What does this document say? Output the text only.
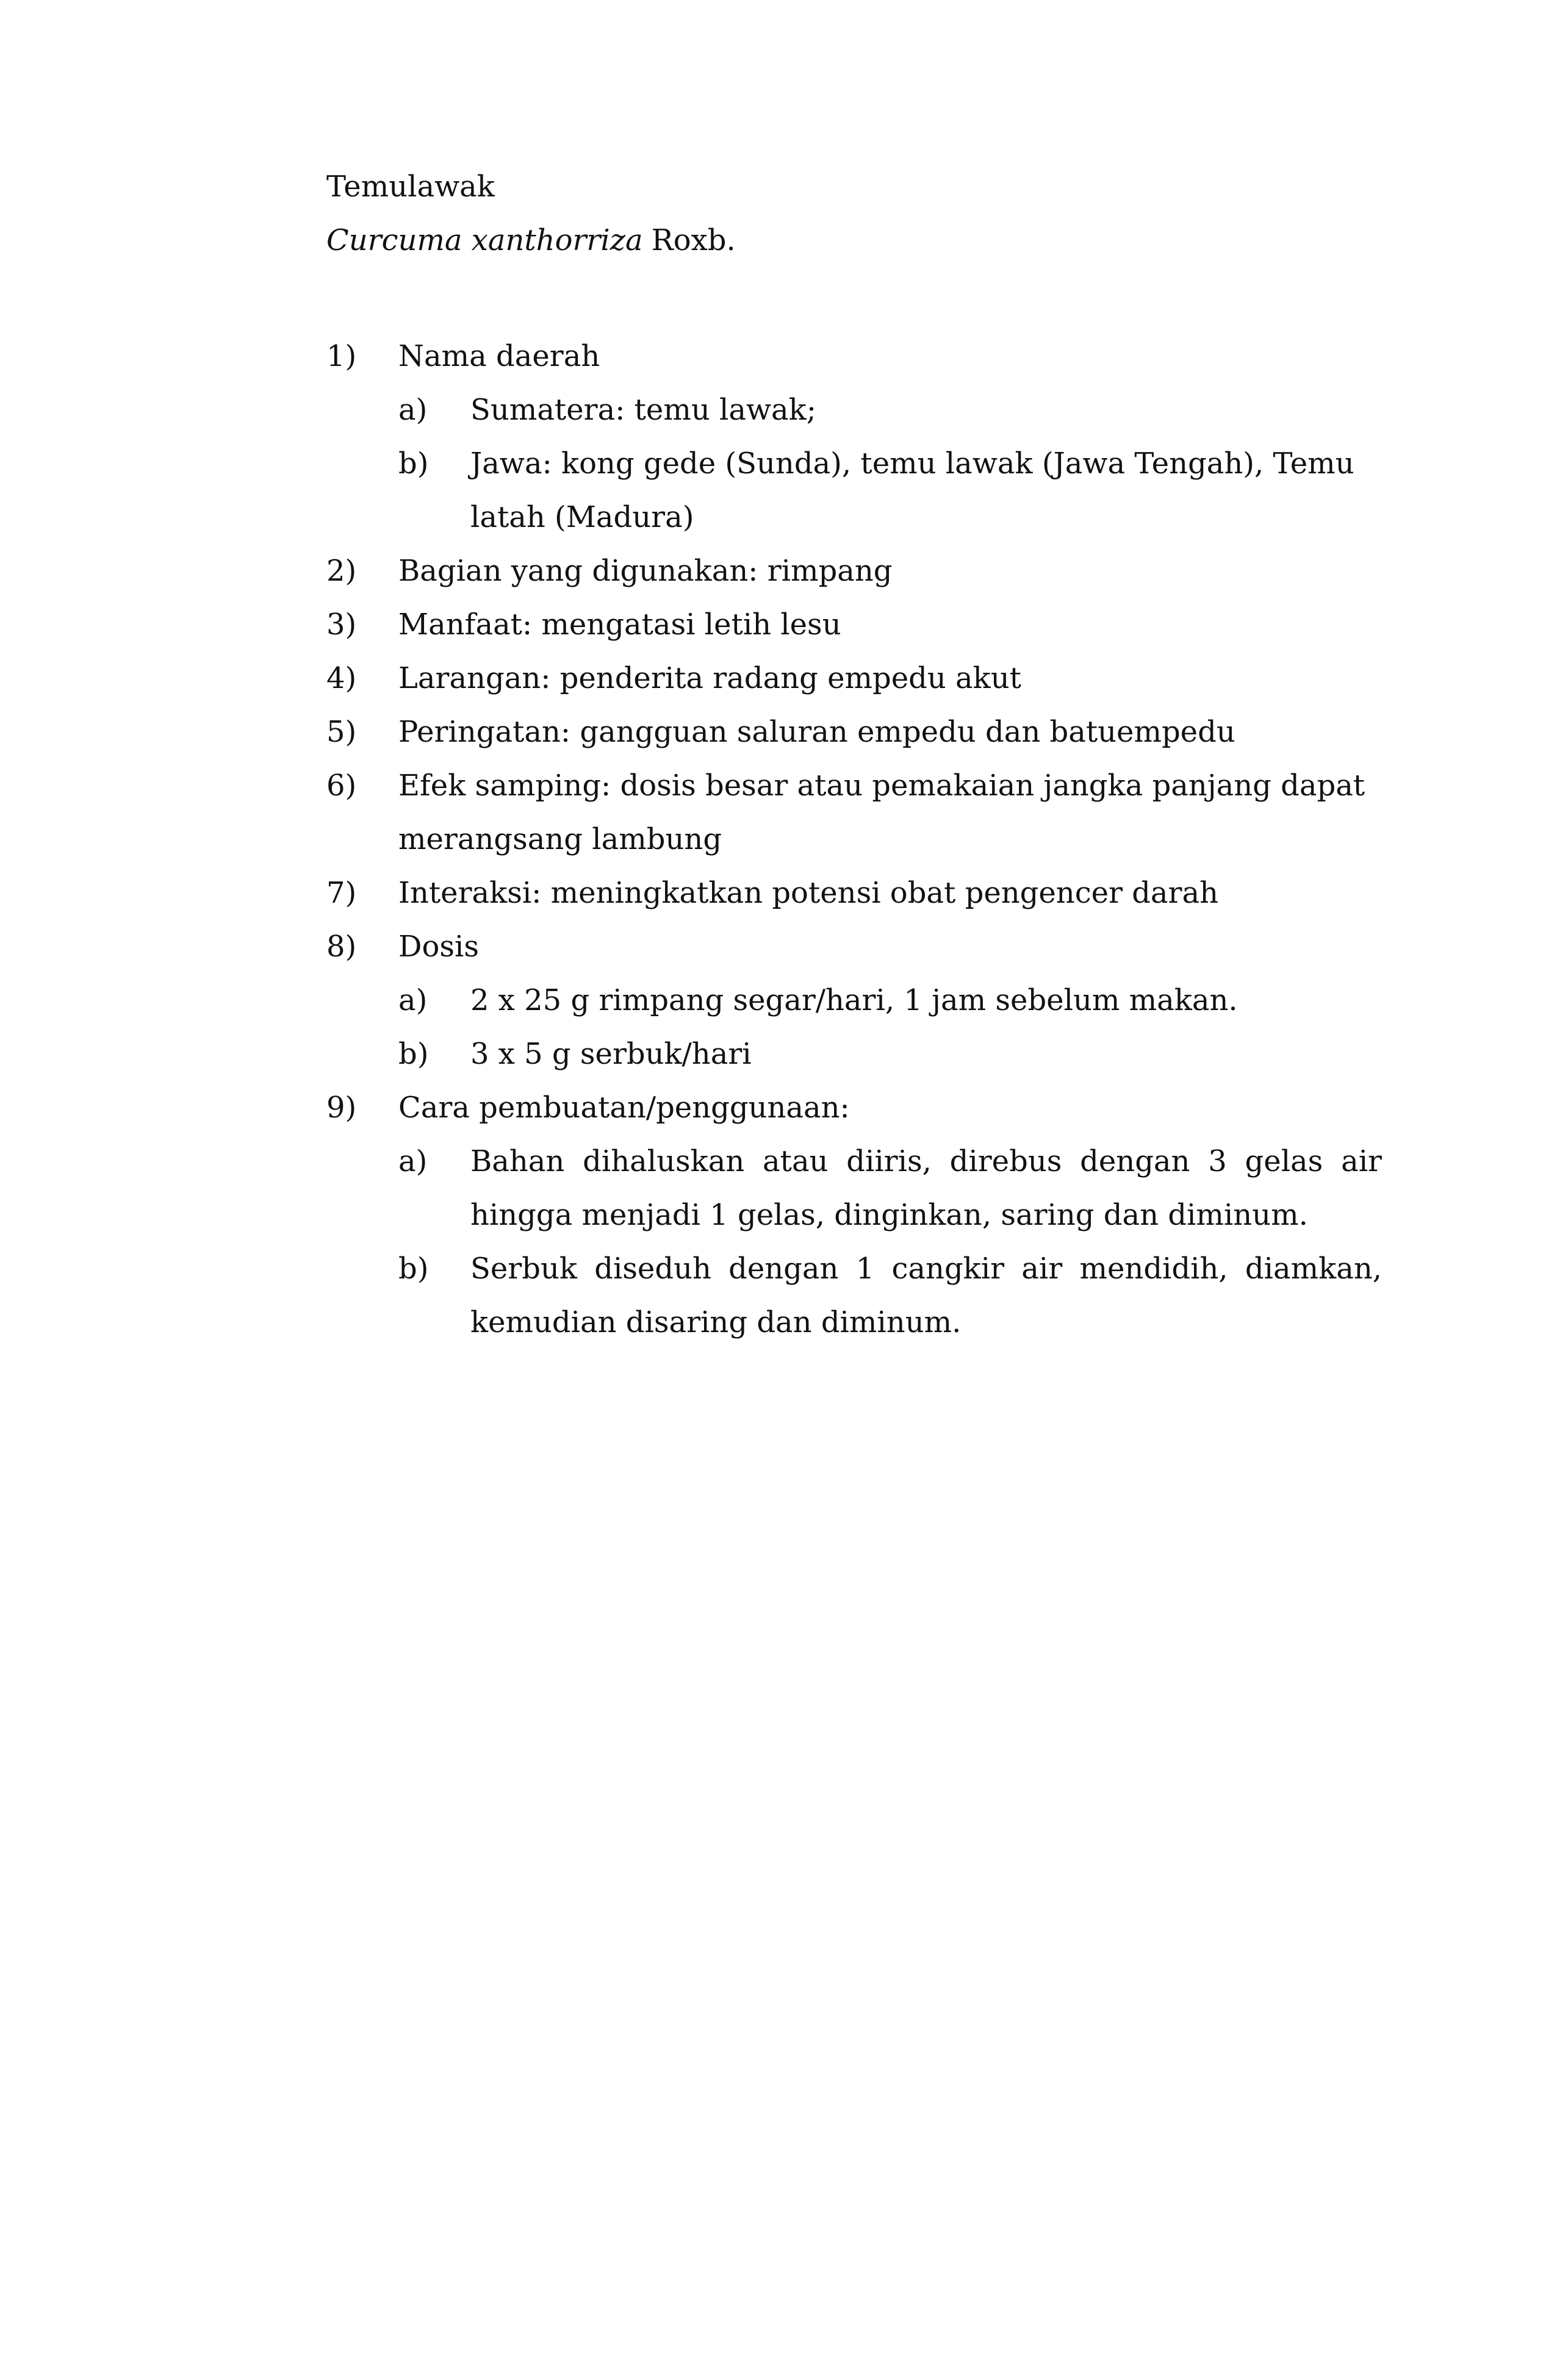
Temulawak
Curcuma xanthorriza Roxb.
1)	Nama daerah
a)	Sumatera: temu lawak;
b)	Jawa: kong gede (Sunda), temu lawak (Jawa Tengah), Temu latah (Madura)
2)	Bagian yang digunakan: rimpang
3)	Manfaat: mengatasi letih lesu
4)	Larangan: penderita radang empedu akut
5)	Peringatan: gangguan saluran empedu dan batuempedu
6)	Efek samping: dosis besar atau pemakaian jangka panjang dapat merangsang lambung
7)	Interaksi: meningkatkan potensi obat pengencer darah
8)	Dosis
a)	2 x 25 g rimpang segar/hari, 1 jam sebelum makan.
b)	3 x 5 g serbuk/hari
9)	Cara pembuatan/penggunaan:
a)	Bahan dihaluskan atau diiris, direbus dengan 3 gelas air hingga menjadi 1 gelas, dinginkan, saring dan diminum.
b)	Serbuk diseduh dengan 1 cangkir air mendidih, diamkan, kemudian disaring dan diminum.
